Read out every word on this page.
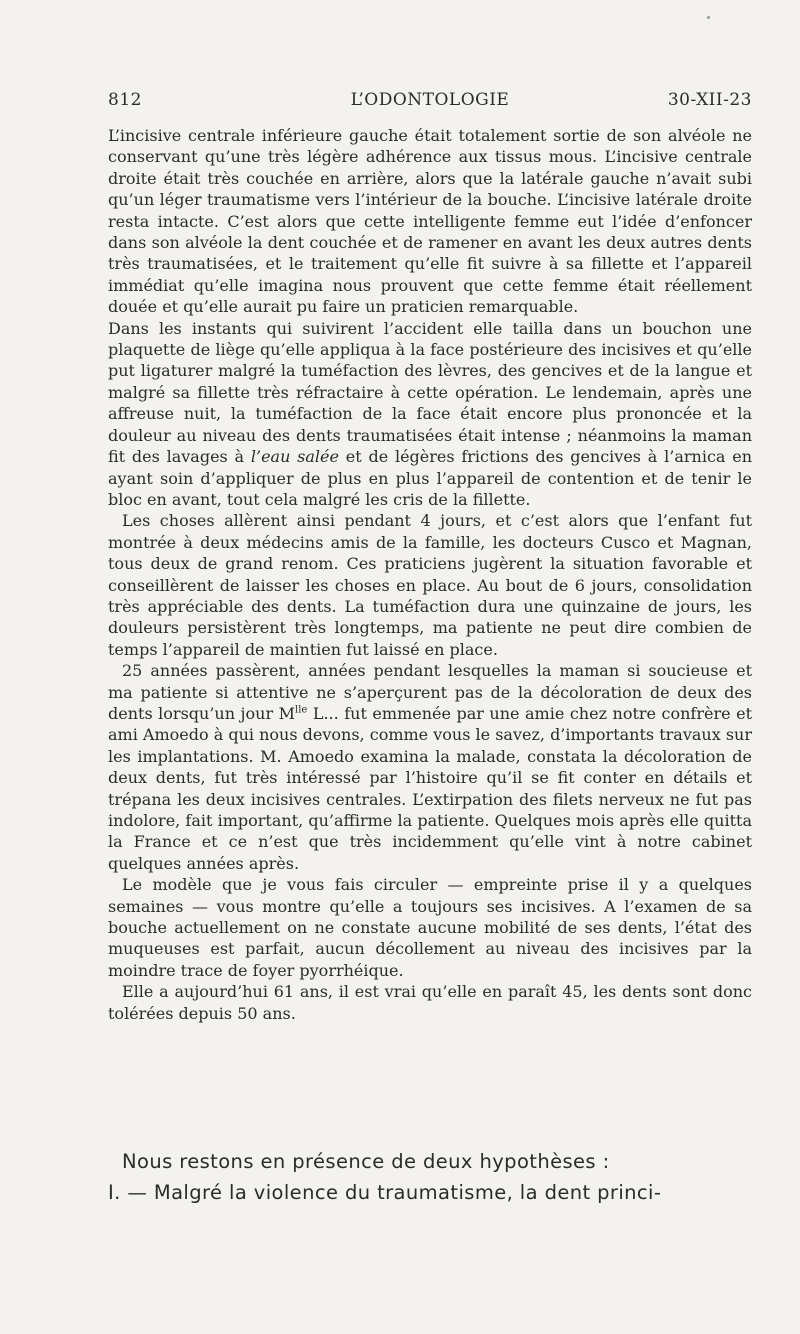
812	L’ODONTOLOGIE	30-XII-23

L’incisive centrale inférieure gauche était totalement sortie de son alvéole ne conservant qu’une très légère adhérence aux tissus mous. L’incisive centrale droite était très couchée en arrière, alors que la latérale gauche n’avait subi qu’un léger traumatisme vers l’intérieur de la bouche. L’incisive latérale droite resta intacte. C’est alors que cette intelligente femme eut l’idée d’enfoncer dans son alvéole la dent couchée et de ramener en avant les deux autres dents très traumatisées, et le traitement qu’elle fit suivre à sa fillette et l’appareil immédiat qu’elle imagina nous prouvent que cette femme était réellement douée et qu’elle aurait pu faire un praticien remarquable.

Dans les instants qui suivirent l’accident elle tailla dans un bouchon une plaquette de liège qu’elle appliqua à la face postérieure des incisives et qu’elle put ligaturer malgré la tuméfaction des lèvres, des gencives et de la langue et malgré sa fillette très réfractaire à cette opération. Le lendemain, après une affreuse nuit, la tuméfaction de la face était encore plus prononcée et la douleur au niveau des dents traumatisées était intense ; néanmoins la maman fit des lavages à l’eau salée et de légères frictions des gencives à l’arnica en ayant soin d’appliquer de plus en plus l’appareil de contention et de tenir le bloc en avant, tout cela malgré les cris de la fillette.

Les choses allèrent ainsi pendant 4 jours, et c’est alors que l’enfant fut montrée à deux médecins amis de la famille, les docteurs Cusco et Magnan, tous deux de grand renom. Ces praticiens jugèrent la situation favorable et conseillèrent de laisser les choses en place. Au bout de 6 jours, consolidation très appréciable des dents. La tuméfaction dura une quinzaine de jours, les douleurs persistèrent très longtemps, ma patiente ne peut dire combien de temps l’appareil de maintien fut laissé en place.

25 années passèrent, années pendant lesquelles la maman si soucieuse et ma patiente si attentive ne s’aperçurent pas de la décoloration de deux des dents lorsqu’un jour $M^{lle}$ L... fut emmenée par une amie chez notre confrère et ami Amoedo à qui nous devons, comme vous le savez, d’importants travaux sur les implantations. M. Amoedo examina la malade, constata la décoloration de deux dents, fut très intéressé par l’histoire qu’il se fit conter en détails et trépana les deux incisives centrales. L’extirpation des filets nerveux ne fut pas indolore, fait important, qu’affirme la patiente. Quelques mois après elle quitta la France et ce n’est que très incidemment qu’elle vint à notre cabinet quelques années après.

Le modèle que je vous fais circuler — empreinte prise il y a quelques semaines — vous montre qu’elle a toujours ses incisives. A l’examen de sa bouche actuellement on ne constate aucune mobilité de ses dents, l’état des muqueuses est parfait, aucun décollement au niveau des incisives par la moindre trace de foyer pyorrhéique.

Elle a aujourd’hui 61 ans, il est vrai qu’elle en paraît 45, les dents sont donc tolérées depuis 50 ans.

Nous restons en présence de deux hypothèses :

I. — Malgré la violence du traumatisme, la dent princi-
